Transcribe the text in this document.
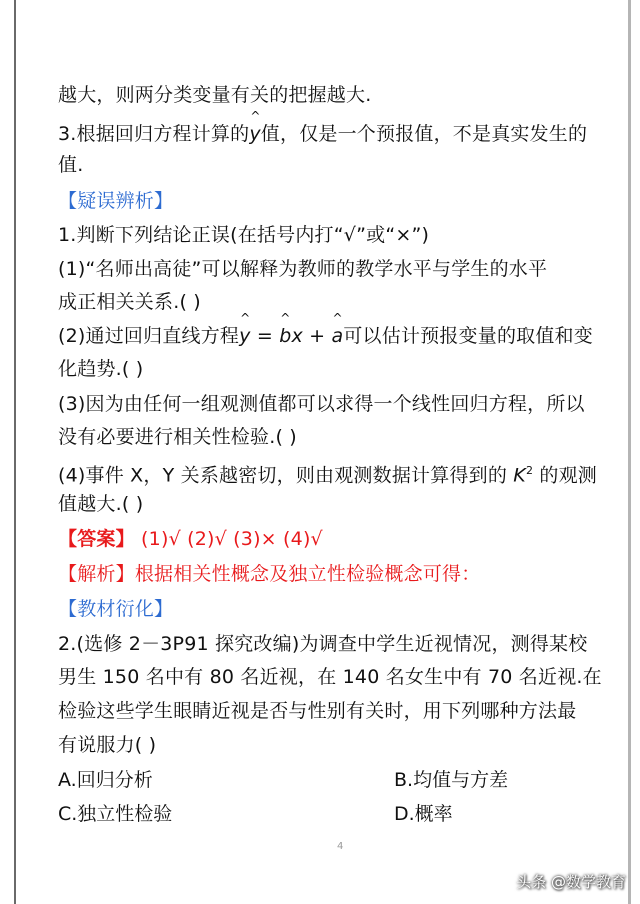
越大，则两分类变量有关的把握越大.
3.根据回归方程计算的^ y值，仅是一个预报值，不是真实发生的
值.
【疑误辨析】
1.判断下列结论正误(在括号内打“√”或“×”)
(1)“名师出高徒”可以解释为教师的教学水平与学生的水平
成正相关关系.( )
(2)通过回归直线方程^ y = ^ bx + ^ a可以估计预报变量的取值和变
化趋势.( )
(3)因为由任何一组观测值都可以求得一个线性回归方程，所以
没有必要进行相关性检验.( )
(4)事件 X，Y 关系越密切，则由观测数据计算得到的 $K^2$ 的观测
值越大.( )
【答案】 (1)√ (2)√ (3)× (4)√
【解析】根据相关性概念及独立性检验概念可得：
【教材衍化】
2.(选修 2－3P91 探究改编)为调查中学生近视情况，测得某校
男生 150 名中有 80 名近视，在 140 名女生中有 70 名近视.在
检验这些学生眼睛近视是否与性别有关时，用下列哪种方法最
有说服力( )
A.回归分析	B.均值与方差
C.独立性检验	D.概率
4
头条 @数学教育
